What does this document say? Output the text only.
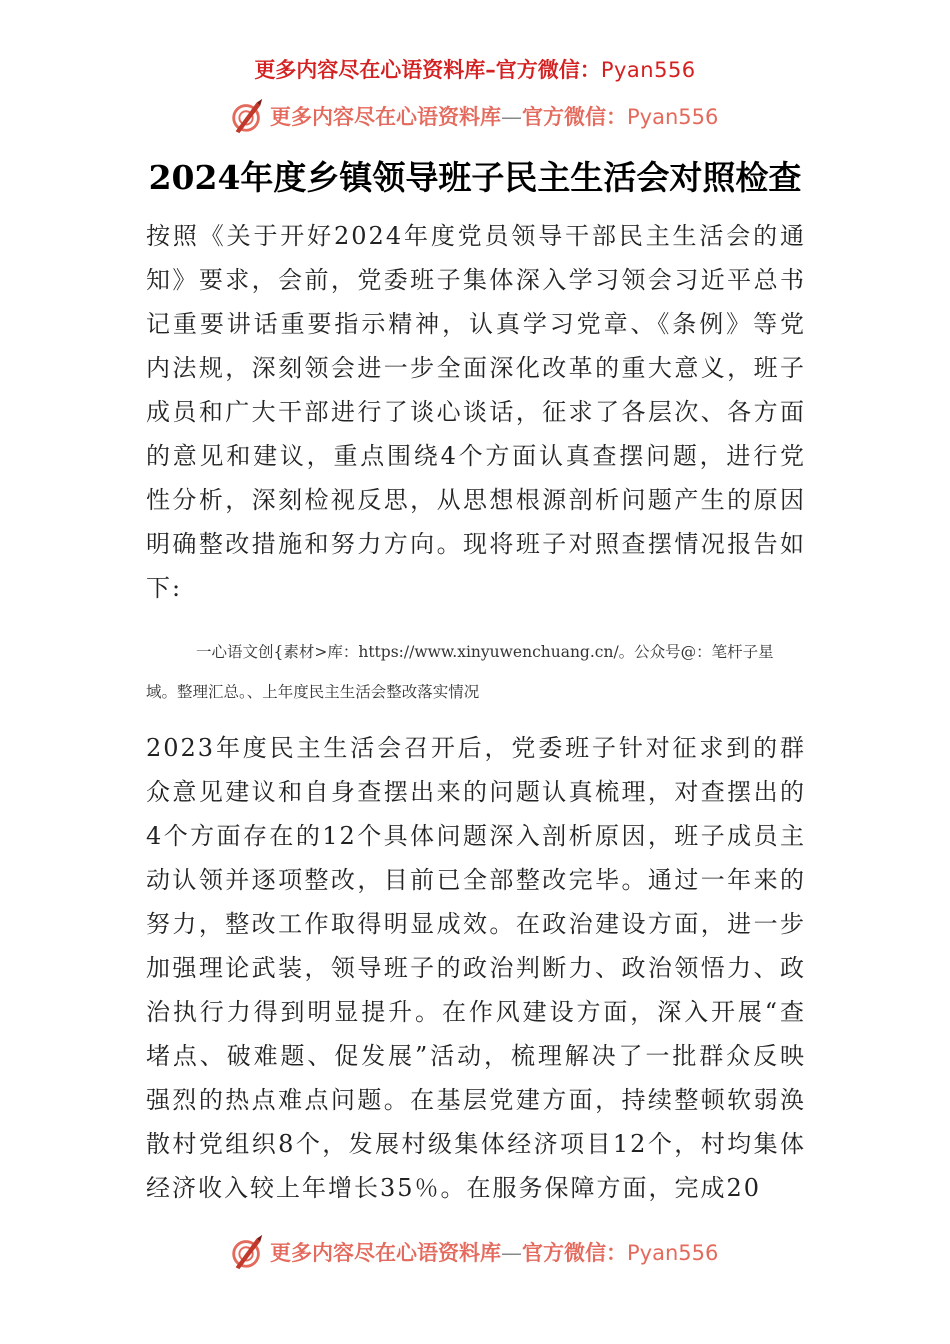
更多内容尽在心语资料库–官方微信：Pyan556
更多内容尽在心语资料库—官方微信：Pyan556
2024年度乡镇领导班子民主生活会对照检查

按照《关于开好2024年度党员领导干部民主生活会的通知》要求，会前，党委班子集体深入学习领会习近平总书记重要讲话重要指示精神，认真学习党章、《条例》等党内法规，深刻领会进一步全面深化改革的重大意义，班子成员和广大干部进行了谈心谈话，征求了各层次、各方面的意见和建议，重点围绕4个方面认真查摆问题，进行党性分析，深刻检视反思，从思想根源剖析问题产生的原因明确整改措施和努力方向。现将班子对照查摆情况报告如下:

一心语文创{素材>库：https://www.xinyuwenchuang.cn/。公众号@：笔杆子星
域。整理汇总。、上年度民主生活会整改落实情况

2023年度民主生活会召开后，党委班子针对征求到的群众意见建议和自身查摆出来的问题认真梳理，对查摆出的4个方面存在的12个具体问题深入剖析原因，班子成员主动认领并逐项整改，目前已全部整改完毕。通过一年来的努力，整改工作取得明显成效。在政治建设方面，进一步加强理论武装，领导班子的政治判断力、政治领悟力、政治执行力得到明显提升。在作风建设方面，深入开展“查堵点、破难题、促发展”活动，梳理解决了一批群众反映强烈的热点难点问题。在基层党建方面，持续整顿软弱涣散村党组织8个，发展村级集体经济项目12个，村均集体经济收入较上年增长35％。在服务保障方面，完成20

更多内容尽在心语资料库—官方微信：Pyan556
